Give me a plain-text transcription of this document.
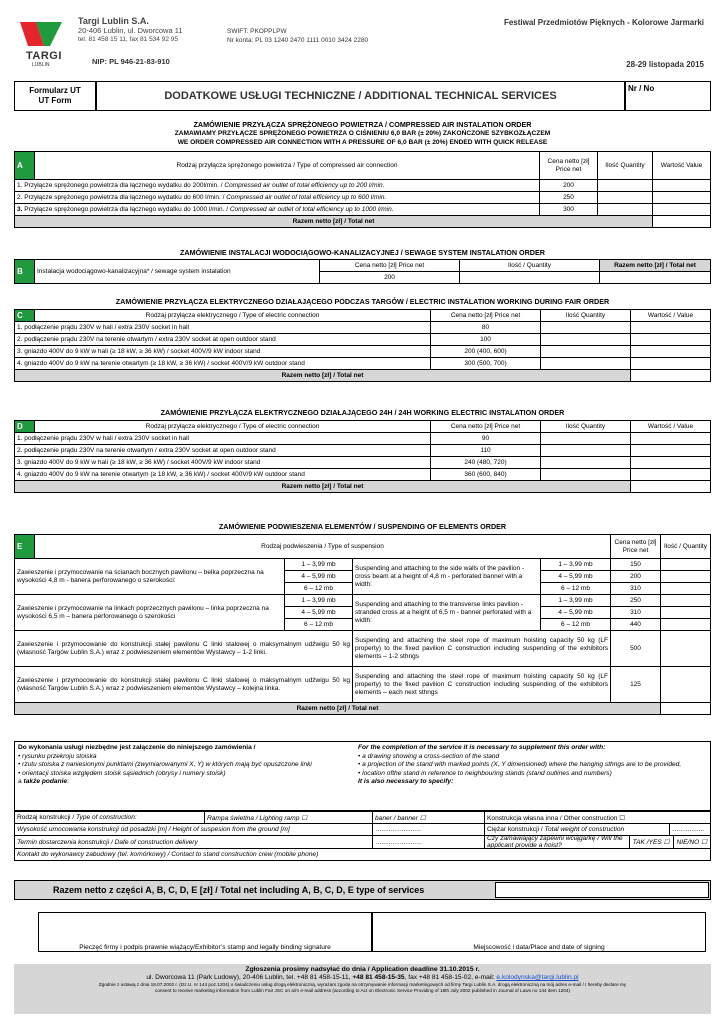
TARGI
LUBLIN
Targi Lublin S.A.
20-406 Lublin, ul. Dworcowa 11
tel. 81 458 15 11, fax 81 534 92 95
NIP: PL 946-21-83-910
SWIFT: PKOPPLPW
Nr konta: PL 03 1240 2470 1111 0010 3424 2280
Festiwal Przedmiotów Pięknych - Kolorowe Jarmarki
28-29 listopada 2015
Formularz UT
UT Form	DODATKOWE USŁUGI TECHNICZNE / ADDITIONAL TECHNICAL SERVICES
Nr / No
ZAMÓWIENIE PRZYŁĄCZA SPRĘŻONEGO POWIETRZA / COMPRESSED AIR INSTALATION ORDER
ZAMAWIAMY PRZYŁĄCZE SPRĘŻONEGO POWIETRZA O CIŚNIENIU 6,0 BAR (± 20%) ZAKOŃCZONE SZYBKOZŁĄCZEM
WE ORDER COMPRESSED AIR CONNECTION WITH A PRESSURE OF 6,0 BAR (± 20%) ENDED WITH QUICK RELEASE
A	Rodzaj przyłącza sprężonego powietrza / Type of compressed air connection	Cena netto [zł] Price net	Ilość Quantity	Wartość Value
1. Przyłącze sprężonego powietrza dla łącznego wydatku do 200l/min. / Compressed air outlet of total efficiency up to 200 l/min.		200		
2. Przyłącze sprężonego powietrza dla łącznego wydatku do 600 l/min. / Compressed air outlet of total efficiency up to 600 l/min.		250		
3. Przyłącze sprężonego powietrza dla łącznego wydatku do 1000 l/min. / Compressed air outlet of total efficiency up to 1000 l/min.		300		
Razem netto [zł] / Total net				
ZAMÓWIENIE INSTALACJI WODOCIĄGOWO-KANALIZACYJNEJ / SEWAGE SYSTEM INSTALATION ORDER
B	Instalacja wodociągowo-kanalizacyjna* / sewage system instalation	Cena netto [zł] Price net	Ilość / Quantity	Razem netto [zł] / Total net
		200		
ZAMÓWIENIE PRZYŁĄCZA ELEKTRYCZNEGO DZIAŁAJĄCEGO PODCZAS TARGÓW / ELECTRIC INSTALATION WORKING DURING FAIR ORDER
C	Rodzaj przyłącza elektrycznego / Type of electric connection	Cena netto [zł] Price net	Ilość Quantity	Wartość / Value
1. podłączenie prądu 230V w hali / extra 230V socket in hall		80		
2. podłączenie prądu 230V na terenie otwartym / extra 230V socket at open outdoor stand		100		
3. gniazdo 400V do 9 kW w hali (≥ 18 kW, ≥ 36 kW) / socket 400V/9 kW indoor stand		200 (400, 600)		
4. gniazdo 400V do 9 kW na terenie otwartym (≥ 18 kW, ≥ 36 kW) / socket 400V/9 kW outdoor stand		300 (500, 700)		
Razem netto [zł] / Total net				
ZAMÓWIENIE PRZYŁĄCZA ELEKTRYCZNEGO DZIAŁAJĄCEGO 24H / 24H WORKING ELECTRIC INSTALATION ORDER
D	Rodzaj przyłącza elektrycznego / Type of electric connection	Cena netto [zł] Price net	Ilość Quantity	Wartość / Value
1. podłączenie prądu 230V w hali / extra 230V socket in hall		90		
2. podłączenie prądu 230V na terenie otwartym / extra 230V socket at open outdoor stand		110		
3. gniazdo 400V do 9 kW w hali (≥ 18 kW, ≥ 36 kW) / socket 400V/9 kW indoor stand		240 (480, 720)		
4. gniazdo 400V do 9 kW na terenie otwartym (≥ 18 kW, ≥ 36 kW) / socket 400V/9 kW outdoor stand		360 (600, 840)		
Razem netto [zł] / Total net				
ZAMÓWIENIE PODWIESZENIA ELEMENTÓW / SUSPENDING OF ELEMENTS ORDER
E	Rodzaj podwieszenia / Type of suspension				Cena netto [zł] Price net	Ilość / Quantity
Zawieszenie i przymocowanie na ścianach bocznych pawilonu – belka poprzeczna na wysokości 4,8 m - banera perforowanego o szerokości:		1 – 3,99 mb	Suspending and attaching to the side walls of the pavilion - cross beam at a height of 4,8 m - perforated banner with a width:	1 – 3,99 mb	150	
		4 – 5,99 mb		4 – 5,99 mb	200	
		6 – 12 mb		6 – 12 mb	310	
Zawieszenie i przymocowanie na linkach poprzecznych pawilonu – linka poprzeczna na wysokości 6,5 m – banera perforowanego o szerokości		1 – 3,99 mb	Suspending and attaching to the transverse links pavilion - stranded cross at a height of 6,5 m - banner perforated with a width:	1 – 3,99 mb	250	
		4 – 5,99 mb		4 – 5,99 mb	310	
		6 – 12 mb		6 – 12 mb	440	
Zawieszenie i przymocowanie do konstrukcji stałej pawilonu C linki stalowej o maksymalnym udźwigu 50 kg (własność Targów Lublin S.A.) wraz z podwieszeniem elementów Wystawcy – 1-2 linki.			Suspending and attaching the steel rope of maximum hoisting capacity 50 kg (LF property) to the fixed pavilion C construction including suspending of the exhibitors elements – 1-2 sthngs		500	
Zawieszenie i przymocowanie do konstrukcji stałej pawilonu C linki stalowej o maksymalnym udźwigu 50 kg (własność Targów Lublin S.A.) wraz z podwieszeniem elementów Wystawcy – kolejna linka.			Suspending and attaching the steel rope of maximum hoisting capacity 50 kg (LF property) to the fixed pavilion C construction including suspending of the exhibitors elements – each next sthngs		125	
Razem netto [zł] / Total net						
Do wykonania usługi niezbędne jest załączenie do niniejszego zamówienia /
• rysunku przekroju stoiska
• rzutu stoiska z naniesionymi punktami (zwymiarowanymi X, Y) w których mają być opuszczone linki
• orientacji stoiska względem stoisk sąsiednich (obrysy i numery stoisk)
a także podanie:
For the completion of the service it is necessary to supplement this order with:
• a drawing showing a cross-section of the stand
• a projection of the stand with marked points (X, Y dimensioned) where the hanging sthngs are to be provided,
• location ofthe stand in reference to neighbouring stands (stand outlines and numbers)
It is also necessary to specify:
Rodzaj konstrukcji / Type of construction:	Rampa świetlna / Lighting ramp ☐	baner / banner ☐	Konstrukcja własna inna / Other construction ☐	
Wysokość umocowania konstrukcji od posadzki [m] / Height of suspesion from the ground [m]		…………………	Ciężar konstrukcji / Total weight of construction	……………
Termin dostarczenia konstrukcji / Dafe of construction delivery		…………………	Czy zamawiający zapewni wciągarkę / Will the applicant provide a hoist? TAK /YES ☐ NIE/NO ☐	

Kontakt do wykonawcy zabudowy (tel. komórkowy) / Contact to stand construction crew (mobile phone)				
Razem netto z części A, B, C, D, E [zł] / Total net including A, B, C, D, E type of services
Pieczęć firmy i podpis prawnie wiążący/Exhibitor’s stamp and legally binding signature	Miejscowość i data/Place and date of signing
Zgłoszenia prosimy nadsyłać do dnia / Application deadline 31.10.2015 r.
ul. Dworcowa 11 (Park Ludowy), 20-406 Lublin, tel. +48 81 458-15-11, +48 81 458-15-35, fax +48 81 458-15-02, e-mail: e.kolodynska@targi.lublin.pl
Zgodnie z ustawą z dnia 18.07.2002 r. (Dz.U. nr 144 poz.1204) o świadczeniu usług drogą elektroniczną, wyrażam zgodę na otrzymywanie informacji marketingowych od firmy Targi Lublin S.A. drogą elektroniczną na mój adres e-mail / I hereby declare my
consent to receive marketing information from Lublin Fair JSC on a/m e-mail address (according to Act on Electronic Service Providing of 18th July 2002 published in Journal of Laws no 144 item 1204)
